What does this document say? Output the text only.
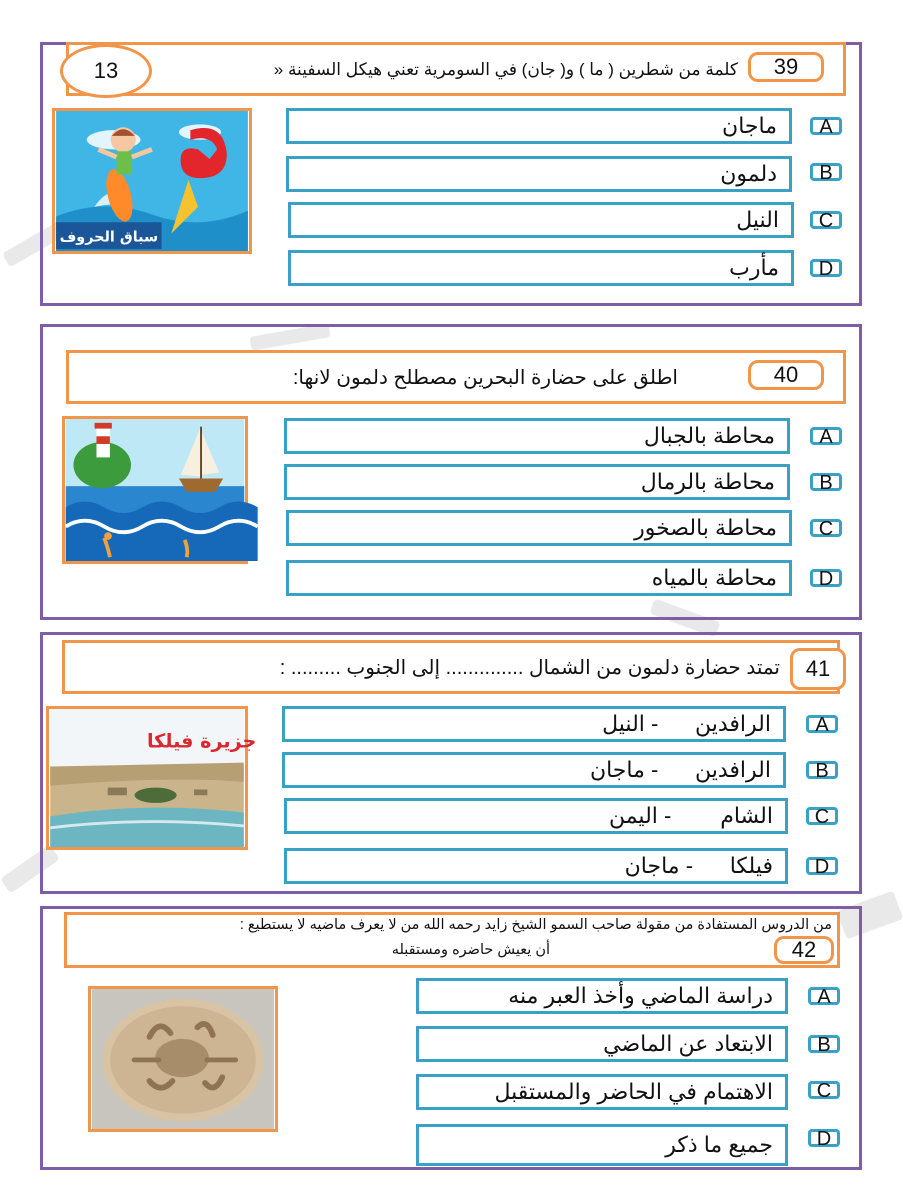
13	كلمة من شطرين ( ما ) و( جان) في السومرية تعني هيكل السفينة «	39
سباق الحروف
ماجان	A
دلمون	B
النيل	C
مأرب	D
اطلق على حضارة البحرين مصطلح دلمون لانها:	40
محاطة بالجبال	A
محاطة بالرمال	B
محاطة بالصخور	C
محاطة بالمياه	D
تمتد حضارة دلمون من الشمال .............. إلى الجنوب ......... :	41
جزيرة فيلكا
الرافدين      - النيل	A
الرافدين      - ماجان	B
الشام        - اليمن	C
فيلكا      - ماجان	D
من الدروس المستفادة من مقولة صاحب السمو الشيخ زايد رحمه الله من لا يعرف ماضيه لا يستطيع :
أن يعيش حاضره ومستقبله	42
دراسة الماضي وأخذ العبر منه	A
الابتعاد عن الماضي	B
الاهتمام في الحاضر والمستقبل	C
جميع ما ذكر	D
